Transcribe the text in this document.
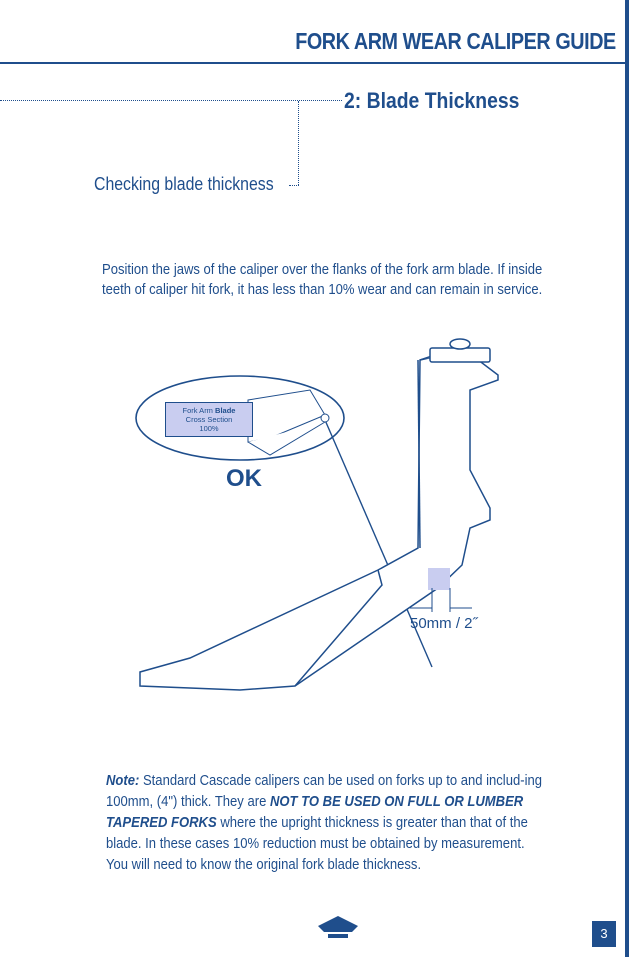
FORK ARM WEAR CALIPER GUIDE
2: Blade Thickness
Checking blade thickness
Position the jaws of the caliper over the flanks of the fork arm blade. If inside teeth of caliper hit fork, it has less than 10% wear and can remain in service.
Fork Arm Blade
Cross Section
100%
OK
50mm / 2˝
Note: Standard Cascade calipers can be used on forks up to and includ-ing 100mm, (4") thick. They are NOT TO BE USED ON FULL OR LUMBER TAPERED FORKS where the upright thickness is greater than that of the blade. In these cases 10% reduction must be obtained by measurement. You will need to know the original fork blade thickness.
3
